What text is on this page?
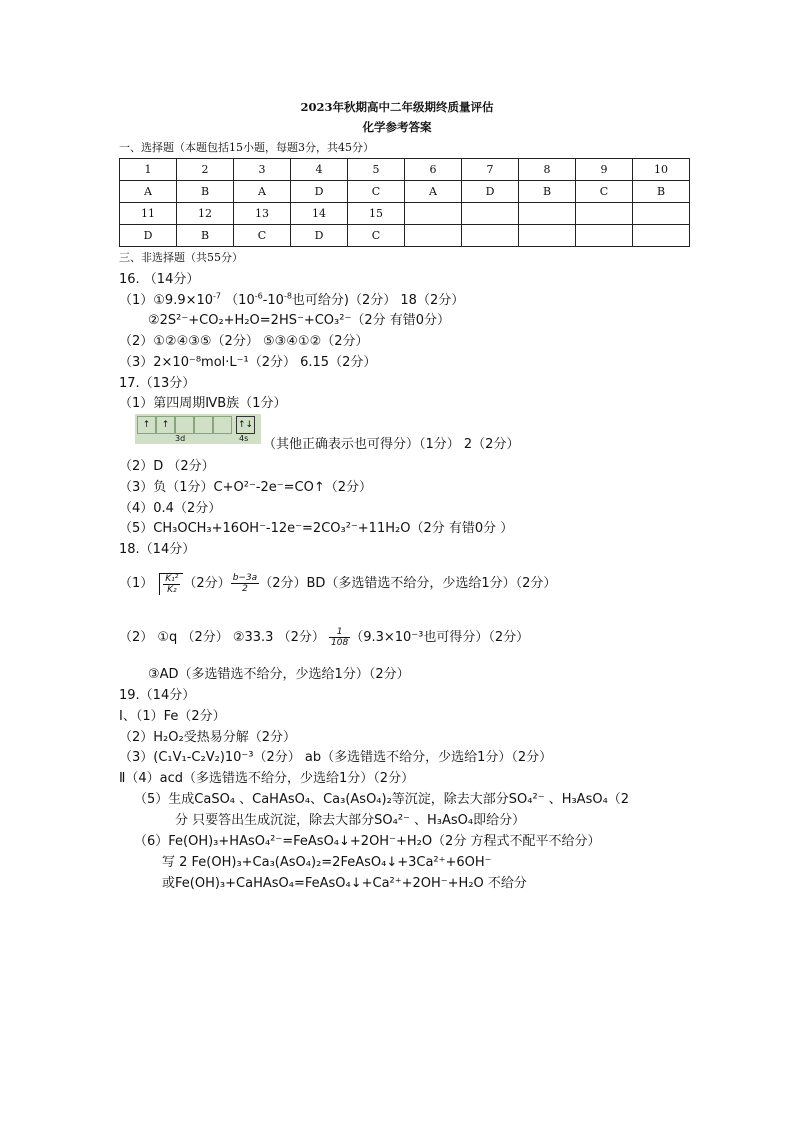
2023年秋期高中二年级期终质量评估
化学参考答案
一、选择题（本题包括15小题，每题3分，共45分）
1	2	3	4	5	6	7	8	9	10
A	B	A	D	C	A	D	B	C	B
11	12	13	14	15					
D	B	C	D	C					
三、非选择题（共55分）
16. （14分）
$(1)①9.9\times 10^{-7}$ （$10^{-6}-10^{-8}$也可给分)（2分） 18（2分）
②2S²⁻+CO₂+H₂O=2HS⁻+CO₃²⁻（2分 有错0分）
（2）①②④③⑤（2分） ⑤③④①②（2分）
（3）2×10⁻⁸mol·L⁻¹（2分） 6.15（2分）
17.（13分）
（1）第四周期ⅣB族（1分）
↑	↑	↑↓
3d	4s （其他正确表示也可得分）（1分） 2（2分）
（2）D （2分）
（3）负（1分）C+O²⁻-2e⁻=CO↑（2分）
（4）0.4（2分）
（5）CH₃OCH₃+16OH⁻-12e⁻=2CO₃²⁻+11H₂O（2分 有错0分 ）
18.（14分）
$(1) \frac{\text{K₁²}}{\text{K₂}} (2$分） $\frac{b-3a}{2} (2$分）BD（多选错选不给分，少选给1分）（2分）
（2） ①q （2分） ②33.3 （2分） $\frac{1}{108} (9.3\times 10^{-3}$也可得分）（2分）
③AD（多选错选不给分，少选给1分）（2分）
19.（14分）
Ⅰ、（1）Fe（2分）
（2）H₂O₂受热易分解（2分）
（3）(C₁V₁-C₂V₂)10⁻³（2分） ab（多选错选不给分，少选给1分）（2分）
Ⅱ（4）acd（多选错选不给分，少选给1分）（2分）
（5）生成CaSO₄ 、CaHAsO₄、Ca₃(AsO₄)₂等沉淀，除去大部分SO₄²⁻ 、H₃AsO₄（2
分 只要答出生成沉淀，除去大部分SO₄²⁻ 、H₃AsO₄即给分）
（6）Fe(OH)₃+HAsO₄²⁻=FeAsO₄↓+2OH⁻+H₂O（2分 方程式不配平不给分）
写 2 Fe(OH)₃+Ca₃(AsO₄)₂=2FeAsO₄↓+3Ca²⁺+6OH⁻
或Fe(OH)₃+CaHAsO₄=FeAsO₄↓+Ca²⁺+2OH⁻+H₂O 不给分
